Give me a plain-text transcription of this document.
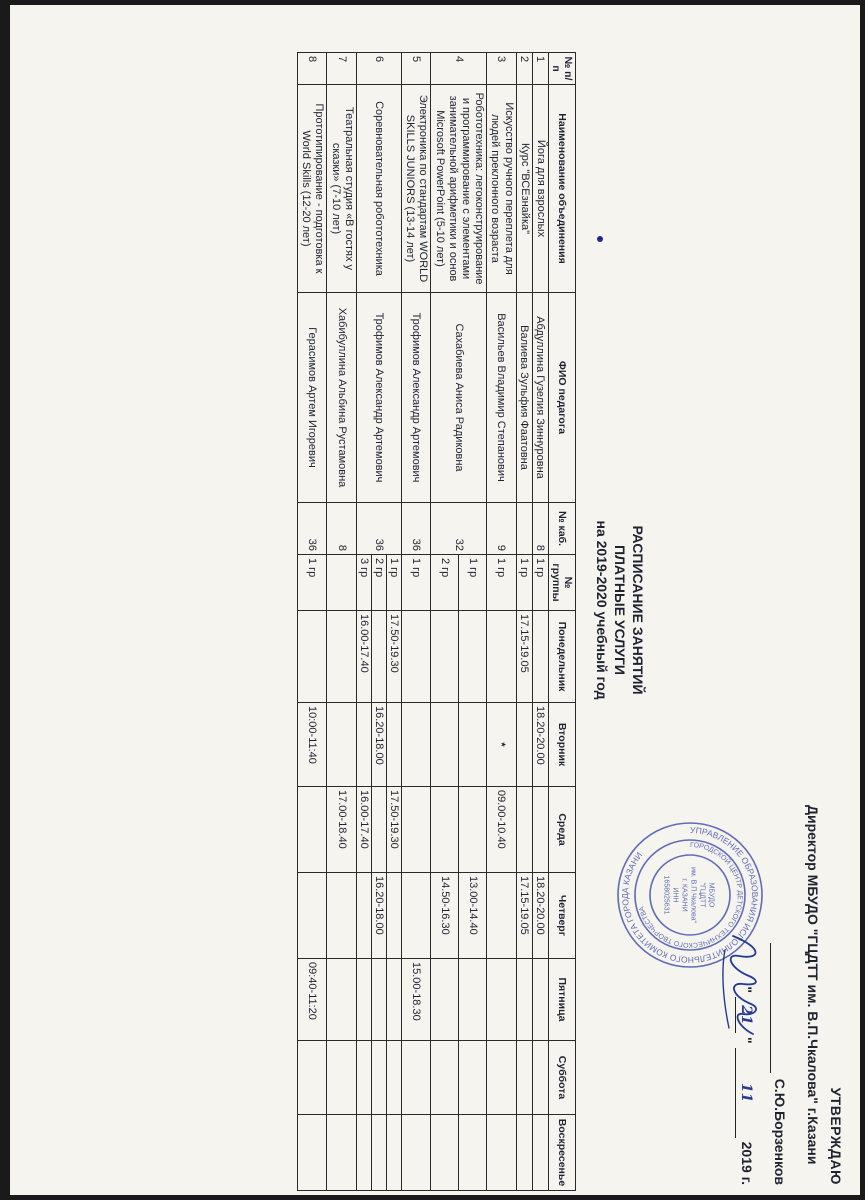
УТВЕРЖДАЮ
Директор МБУДО "ГЦДТТ им. В.П.Чкалова" г.Казани
С.Ю.Борзенков
"
21
"
11
2019 г.
УПРАВЛЕНИЕ ОБРАЗОВАНИЯ ИСПОЛНИТЕЛЬНОГО КОМИТЕТА ГОРОДА КАЗАНИ
ГОРОДСКОЙ ЦЕНТР ДЕТСКОГО ТЕХНИЧЕСКОГО ТВОРЧЕСТВА
МБУДО
"ГЦДТТ
им. В.П.Чкалова"
г. КАЗАНИ
ИНН
1658025631
РАСПИСАНИЕ ЗАНЯТИЙ
ПЛАТНЫЕ УСЛУГИ
на 2019-2020 учебный год
№ п/п	Наименование объединения	ФИО педагога	№ каб.	№ группы	Понедельник	Вторник	Среда	Четверг	Пятница	Суббота	Воскресенье
1	Йога для взрослых	Абдуллина Гузелия Зиннуровна	8	1 гр		18.20-20.00		18.20-20.00			
2	Курс "ВСЕзнайка"	Валиева Зульфия Фаатовна		1 гр	17.15-19.05			17.15-19.05			
3	Искусство ручного переплета для людей преклонного возраста	Васильев Владимир Степанович	9	1 гр		*	09.00-10.40				
4	Робототехника: легоконструирование и программирование с элементами занимательной арифметики и основ Microsoft PowerPoint (5-10 лет)	Сахабиева Аниса Радиковна	32	1 гр				13.00-14.40			
				2 гр				14.50-16.30			
5	Электроника по стандартам WORLD SKILLS JUNIORS (13-14 лет)	Трофимов Александр Артемович	36	1 гр					15.00-18.30		
6	Соревновательная робототехника	Трофимов Александр Артемович	36	1 гр	17.50-19.30		17.50-19.30				
				2 гр		16.20-18.00		16.20-18.00			
				3 гр	16.00-17.40		16.00-17.40				
7	Театральная студия «В гостях у сказки» (7-10 лет)	Хабибуллина Альбина Рустамовна	8				17.00-18.40				
8	Прототипирование - подготовка к World Skills (12-20 лет)	Герасимов Артем Игоревич	36	1 гр		10:00-11:40			09:40-11:20		
